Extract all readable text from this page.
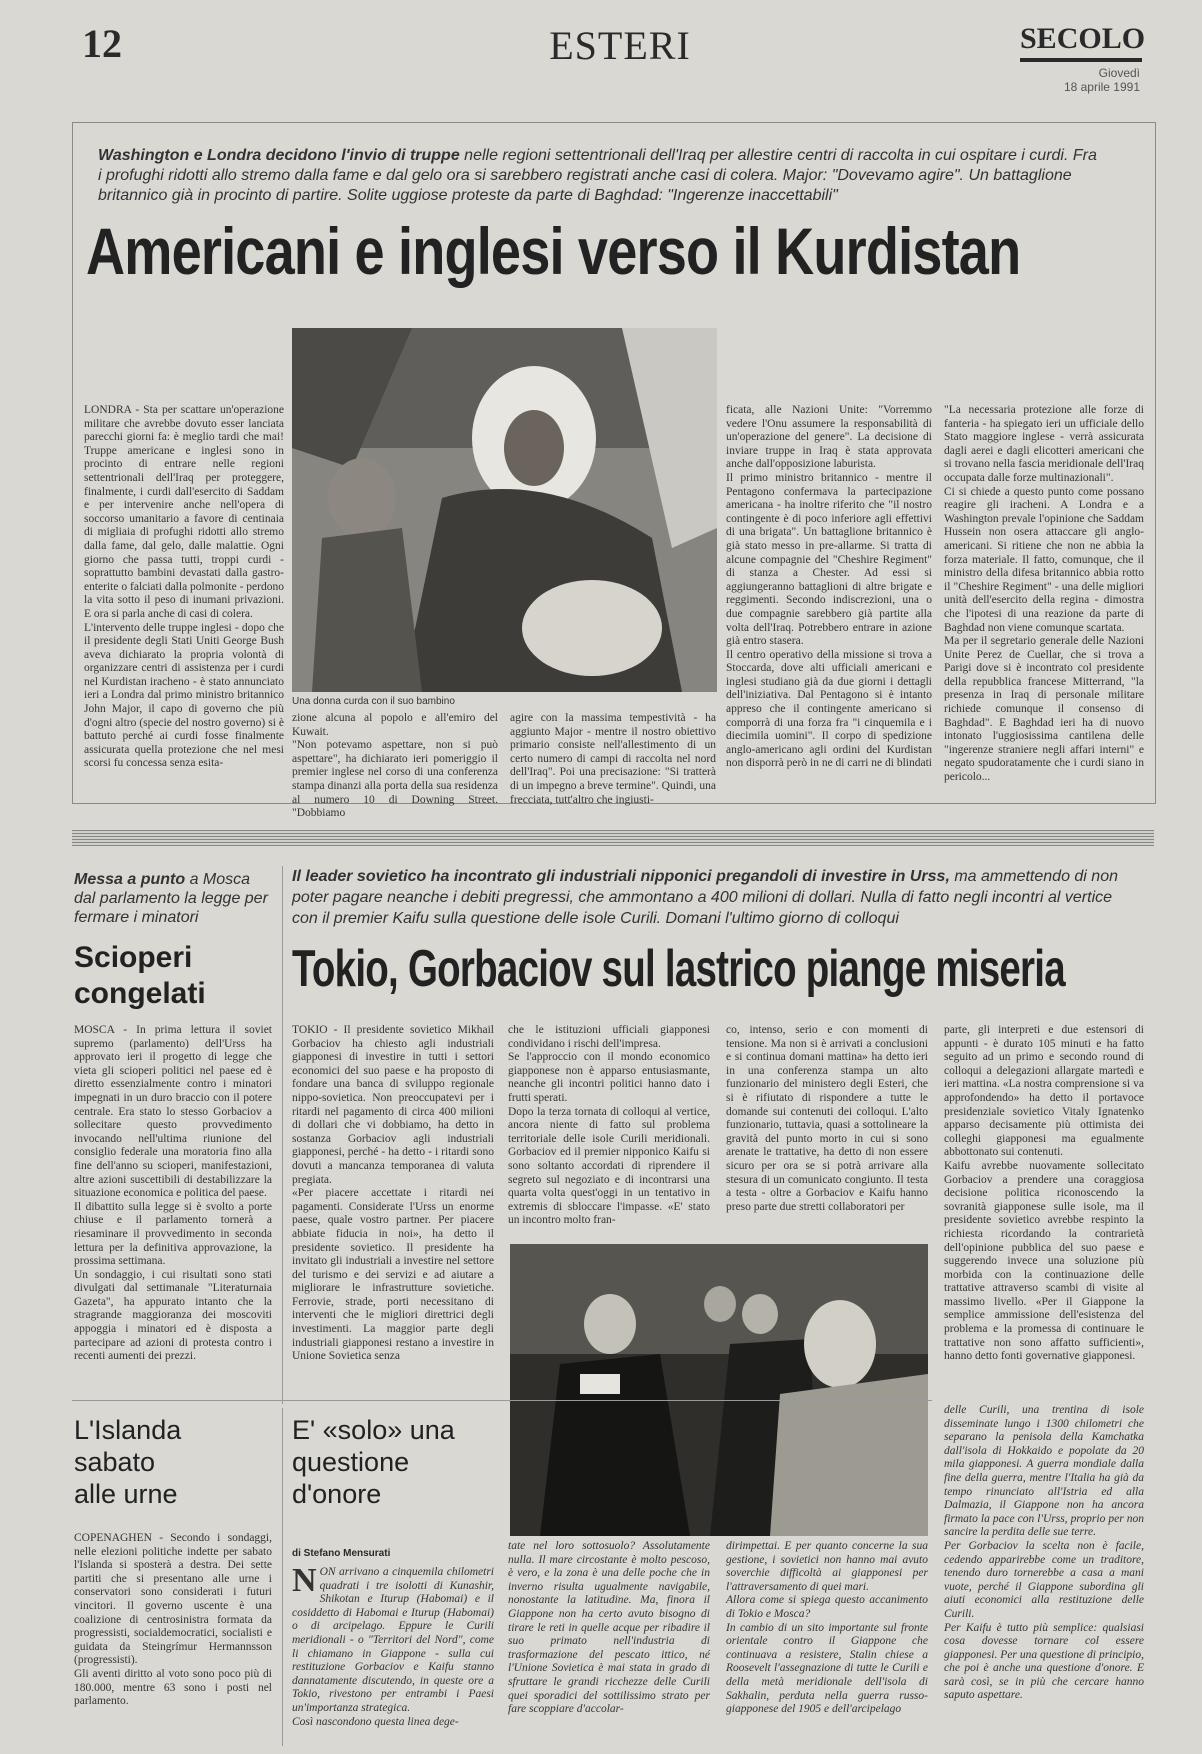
12	ESTERI	SECOLO
Giovedì
18 aprile 1991
Washington e Londra decidono l'invio di truppe nelle regioni settentrionali dell'Iraq per allestire centri di raccolta in cui ospitare i curdi. Fra i profughi ridotti allo stremo dalla fame e dal gelo ora si sarebbero registrati anche casi di colera. Major: "Dovevamo agire". Un battaglione britannico già in procinto di partire. Solite uggiose proteste da parte di Baghdad: "Ingerenze inaccettabili"
Americani e inglesi verso il Kurdistan
Una donna curda con il suo bambino
LONDRA - Sta per scattare un'operazione militare che avrebbe dovuto esser lanciata parecchi giorni fa: è meglio tardi che mai! Truppe americane e inglesi sono in procinto di entrare nelle regioni settentrionali dell'Iraq per proteggere, finalmente, i curdi dall'esercito di Saddam e per intervenire anche nell'opera di soccorso umanitario a favore di centinaia di migliaia di profughi ridotti allo stremo dalla fame, dal gelo, dalle malattie. Ogni giorno che passa tutti, troppi curdi - soprattutto bambini devastati dalla gastro-enterite o falciati dalla polmonite - perdono la vita sotto il peso di inumani privazioni. E ora si parla anche di casi di colera.
L'intervento delle truppe inglesi - dopo che il presidente degli Stati Uniti George Bush aveva dichiarato la propria volontà di organizzare centri di assistenza per i curdi nel Kurdistan iracheno - è stato annunciato ieri a Londra dal primo ministro britannico John Major, il capo di governo che più d'ogni altro (specie del nostro governo) si è battuto perché ai curdi fosse finalmente assicurata quella protezione che nel mesi scorsi fu concessa senza esita-
zione alcuna al popolo e all'emiro del Kuwait.
"Non potevamo aspettare, non si può aspettare", ha dichiarato ieri pomeriggio il premier inglese nel corso di una conferenza stampa dinanzi alla porta della sua residenza al numero 10 di Downing Street. "Dobbiamo
agire con la massima tempestività - ha aggiunto Major - mentre il nostro obiettivo primario consiste nell'allestimento di un certo numero di campi di raccolta nel nord dell'Iraq". Poi una precisazione: "Si tratterà di un impegno a breve termine". Quindi, una frecciata, tutt'altro che ingiusti-
ficata, alle Nazioni Unite: "Vorremmo vedere l'Onu assumere la responsabilità di un'operazione del genere". La decisione di inviare truppe in Iraq è stata approvata anche dall'opposizione laburista.
Il primo ministro britannico - mentre il Pentagono confermava la partecipazione americana - ha inoltre riferito che "il nostro contingente è di poco inferiore agli effettivi di una brigata". Un battaglione britannico è già stato messo in pre-allarme. Si tratta di alcune compagnie del "Cheshire Regiment" di stanza a Chester. Ad essi si aggiungeranno battaglioni di altre brigate e reggimenti. Secondo indiscrezioni, una o due compagnie sarebbero già partite alla volta dell'Iraq. Potrebbero entrare in azione già entro stasera.
Il centro operativo della missione si trova a Stoccarda, dove alti ufficiali americani e inglesi studiano già da due giorni i dettagli dell'iniziativa. Dal Pentagono si è intanto appreso che il contingente americano si comporrà di una forza fra "i cinquemila e i diecimila uomini". Il corpo di spedizione anglo-americano agli ordini del Kurdistan non disporrà però in ne di carri ne di blindati
"La necessaria protezione alle forze di fanteria - ha spiegato ieri un ufficiale dello Stato maggiore inglese - verrà assicurata dagli aerei e dagli elicotteri americani che si trovano nella fascia meridionale dell'Iraq occupata dalle forze multinazionali".
Ci si chiede a questo punto come possano reagire gli iracheni. A Londra e a Washington prevale l'opinione che Saddam Hussein non osera attaccare gli anglo-americani. Si ritiene che non ne abbia la forza materiale. Il fatto, comunque, che il ministro della difesa britannico abbia rotto il "Cheshire Regiment" - una delle migliori unità dell'esercito della regina - dimostra che l'ipotesi di una reazione da parte di Baghdad non viene comunque scartata.
Ma per il segretario generale delle Nazioni Unite Perez de Cuellar, che si trova a Parigi dove si è incontrato col presidente della repubblica francese Mitterrand, "la presenza in Iraq di personale militare richiede comunque il consenso di Baghdad". E Baghdad ieri ha di nuovo intonato l'uggiosissima cantilena delle "ingerenze straniere negli affari interni" e negato spudoratamente che i curdi siano in pericolo...
Messa a punto a Mosca dal parlamento la legge per fermare i minatori
Scioperi
congelati
MOSCA - In prima lettura il soviet supremo (parlamento) dell'Urss ha approvato ieri il progetto di legge che vieta gli scioperi politici nel paese ed è diretto essenzialmente contro i minatori impegnati in un duro braccio con il potere centrale. Era stato lo stesso Gorbaciov a sollecitare questo provvedimento invocando nell'ultima riunione del consiglio federale una moratoria fino alla fine dell'anno su scioperi, manifestazioni, altre azioni suscettibili di destabilizzare la situazione economica e politica del paese.
Il dibattito sulla legge si è svolto a porte chiuse e il parlamento tornerà a riesaminare il provvedimento in seconda lettura per la definitiva approvazione, la prossima settimana.
Un sondaggio, i cui risultati sono stati divulgati dal settimanale "Literaturnaia Gazeta", ha appurato intanto che la stragrande maggioranza dei moscoviti appoggia i minatori ed è disposta a partecipare ad azioni di protesta contro i recenti aumenti dei prezzi.
Il leader sovietico ha incontrato gli industriali nipponici pregandoli di investire in Urss, ma ammettendo di non poter pagare neanche i debiti pregressi, che ammontano a 400 milioni di dollari. Nulla di fatto negli incontri al vertice con il premier Kaifu sulla questione delle isole Curili. Domani l'ultimo giorno di colloqui
Tokio, Gorbaciov sul lastrico piange miseria
TOKIO - Il presidente sovietico Mikhail Gorbaciov ha chiesto agli industriali giapponesi di investire in tutti i settori economici del suo paese e ha proposto di fondare una banca di sviluppo regionale nippo-sovietica. Non preoccupatevi per i ritardi nel pagamento di circa 400 milioni di dollari che vi dobbiamo, ha detto in sostanza Gorbaciov agli industriali giapponesi, perché - ha detto - i ritardi sono dovuti a mancanza temporanea di valuta pregiata.
«Per piacere accettate i ritardi nei pagamenti. Considerate l'Urss un enorme paese, quale vostro partner. Per piacere abbiate fiducia in noi», ha detto il presidente sovietico. Il presidente ha invitato gli industriali a investire nel settore del turismo e dei servizi e ad aiutare a migliorare le infrastrutture sovietiche. Ferrovie, strade, porti necessitano di interventi che le migliori direttrici degli investimenti. La maggior parte degli industriali giapponesi restano a investire in Unione Sovietica senza
che le istituzioni ufficiali giapponesi condividano i rischi dell'impresa.
Se l'approccio con il mondo economico giapponese non è apparso entusiasmante, neanche gli incontri politici hanno dato i frutti sperati.
Dopo la terza tornata di colloqui al vertice, ancora niente di fatto sul problema territoriale delle isole Curili meridionali. Gorbaciov ed il premier nipponico Kaifu si sono soltanto accordati di riprendere il segreto sul negoziato e di incontrarsi una quarta volta quest'oggi in un tentativo in extremis di sbloccare l'impasse. «E' stato un incontro molto fran-
co, intenso, serio e con momenti di tensione. Ma non si è arrivati a conclusioni e si continua domani mattina» ha detto ieri in una conferenza stampa un alto funzionario del ministero degli Esteri, che si è rifiutato di rispondere a tutte le domande sui contenuti dei colloqui. L'alto funzionario, tuttavia, quasi a sottolineare la gravità del punto morto in cui si sono arenate le trattative, ha detto di non essere sicuro per ora se si potrà arrivare alla stesura di un comunicato congiunto. Il testa a testa - oltre a Gorbaciov e Kaifu hanno preso parte due stretti collaboratori per
parte, gli interpreti e due estensori di appunti - è durato 105 minuti e ha fatto seguito ad un primo e secondo round di colloqui a delegazioni allargate martedì e ieri mattina. «La nostra comprensione si va approfondendo» ha detto il portavoce presidenziale sovietico Vitaly Ignatenko apparso decisamente più ottimista dei colleghi giapponesi ma egualmente abbottonato sui contenuti.
Kaifu avrebbe nuovamente sollecitato Gorbaciov a prendere una coraggiosa decisione politica riconoscendo la sovranità giapponese sulle isole, ma il presidente sovietico avrebbe respinto la richiesta ricordando la contrarietà dell'opinione pubblica del suo paese e suggerendo invece una soluzione più morbida con la continuazione delle trattative attraverso scambi di visite al massimo livello. «Per il Giappone la semplice ammissione dell'esistenza del problema e la promessa di continuare le trattative non sono affatto sufficienti», hanno detto fonti governative giapponesi.
delle Curili, una trentina di isole disseminate lungo i 1300 chilometri che separano la penisola della Kamchatka dall'isola di Hokkaido e popolate da 20 mila giapponesi. A guerra mondiale dalla fine della guerra, mentre l'Italia ha già da tempo rinunciato all'Istria ed alla Dalmazia, il Giappone non ha ancora firmato la pace con l'Urss, proprio per non sancire la perdita delle sue terre.
Per Gorbaciov la scelta non è facile, cedendo apparirebbe come un traditore, tenendo duro tornerebbe a casa a mani vuote, perché il Giappone subordina gli aiuti economici alla restituzione delle Curili.
Per Kaifu è tutto più semplice: qualsiasi cosa dovesse tornare col essere giapponesi. Per una questione di principio, che poi è anche una questione d'onore. E sarà così, se in più che cercare hanno saputo aspettare.
L'Islanda
sabato
alle urne
COPENAGHEN - Secondo i sondaggi, nelle elezioni politiche indette per sabato l'Islanda si sposterà a destra. Dei sette partiti che si presentano alle urne i conservatori sono considerati i futuri vincitori. Il governo uscente è una coalizione di centrosinistra formata da progressisti, socialdemocratici, socialisti e guidata da Steingrímur Hermannsson (progressisti).
Gli aventi diritto al voto sono poco più di 180.000, mentre 63 sono i posti nel parlamento.
E' «solo» una
questione
d'onore
di Stefano Mensurati
NON arrivano a cinquemila chilometri quadrati i tre isolotti di Kunashir, Shikotan e Iturup (Habomai) e il cosiddetto di Habomai e Iturup (Habomai) o di arcipelago. Eppure le Curili meridionali - o "Territori del Nord", come li chiamano in Giappone - sulla cui restituzione Gorbaciov e Kaifu stanno dannatamente discutendo, in queste ore a Tokio, rivestono per entrambi i Paesi un'importanza strategica.
Così nascondono questa linea dege-
tate nel loro sottosuolo? Assolutamente nulla. Il mare circostante è molto pescoso, è vero, e la zona è una delle poche che in inverno risulta ugualmente navigabile, nonostante la latitudine. Ma, finora il Giappone non ha certo avuto bisogno di tirare le reti in quelle acque per ribadire il suo primato nell'industria di trasformazione del pescato ittico, né l'Unione Sovietica è mai stata in grado di sfruttare le grandi ricchezze delle Curili quei sporadici del sottilissimo strato per fare scoppiare d'accolar-
dirimpettai. E per quanto concerne la sua gestione, i sovietici non hanno mai avuto soverchie difficoltà ai giapponesi per l'attraversamento di quei mari.
Allora come si spiega questo accanimento di Tokio e Mosca?
In cambio di un sito importante sul fronte orientale contro il Giappone che continuava a resistere, Stalin chiese a Roosevelt l'assegnazione di tutte le Curili e della metà meridionale dell'isola di Sakhalin, perduta nella guerra russo-giapponese del 1905 e dell'arcipelago
